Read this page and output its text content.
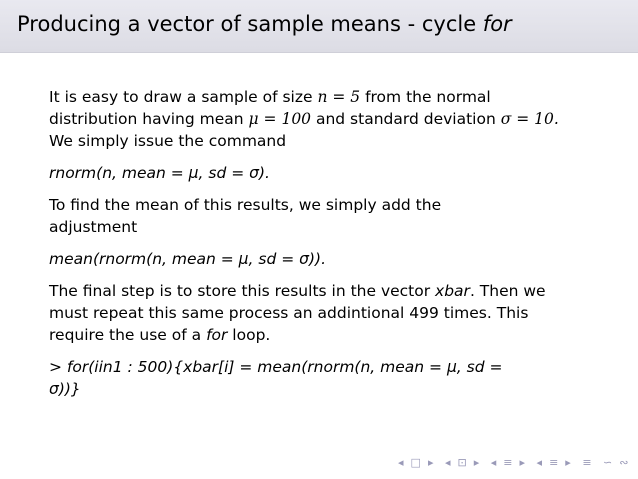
Producing a vector of sample means - cycle for
It is easy to draw a sample of size n = 5 from the normal
distribution having mean μ = 100 and standard deviation σ = 10.
We simply issue the command
rnorm(n, mean = μ, sd = σ).
To find the mean of this results, we simply add the
adjustment
mean(rnorm(n, mean = μ, sd = σ)).
The final step is to store this results in the vector xbar. Then we
must repeat this same process an addintional 499 times. This
require the use of a for loop.
> for(iin1 : 500){xbar[i] = mean(rnorm(n, mean = μ, sd =
σ))}
◂ □ ▸ ◂ ⊡ ▸ ◂ ≡ ▸ ◂ ≡ ▸ ≡ ∽ ∾
